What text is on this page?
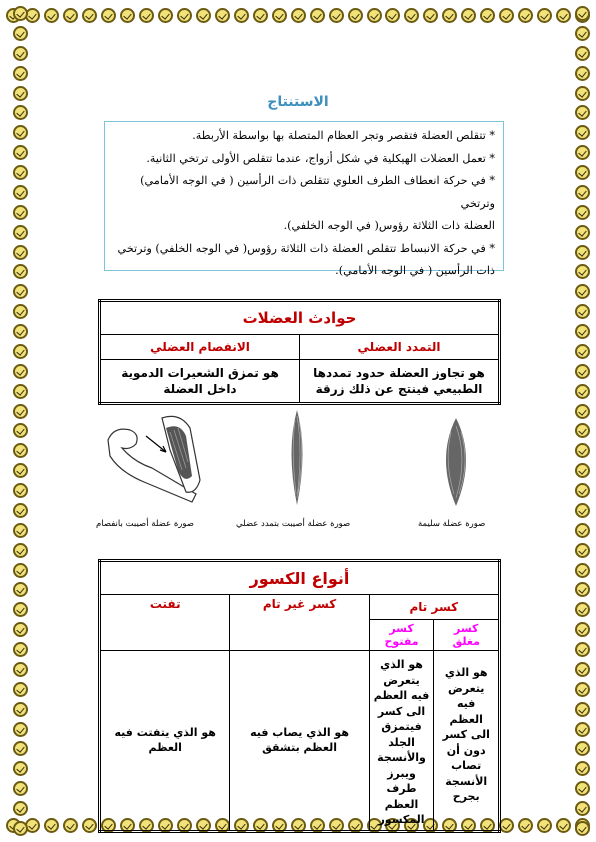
الاستنتاج

* تتقلص العضلة فتقصر وتجر العظام المتصلة بها بواسطة الأربطة.

* تعمل العضلات الهيكلية في شكل أزواج، عندما تتقلص الأولى ترتخي الثانية.

* في حركة انعطاف الطرف العلوي تتقلص ذات الرأسين ( في الوجه الأمامي) وترتخي

العضلة ذات الثلاثة رؤوس( في الوجه الخلفي).

* في حركة الانبساط تتقلص العضلة ذات الثلاثة رؤوس( في الوجه الخلفي) وترتخي

ذات الرأسين ( في الوجه الأمامي).

حوادث العضلات	
التمدد العضلي	الانفصام العضلي
هو تجاوز العضلة حدود تمددها الطبيعي فينتج عن ذلك زرقة	هو تمزق الشعيرات الدموية داخل العضلة
صورة عضلة أصيبت بانفصام	صورة عضلة أصيبت بتمدد عضلي	صورة عضلة سليمة
أنواع الكسور			
كسر تام		كسر غير تام	تفتت
كسر مغلق	كسر مفتوح		
هو الذي يتعرض فيه العظم الى كسر دون أن تصاب الأنسجة بجرح	هو الذي يتعرض فيه العظم الى كسر فيتمزق الجلد والأنسجة ويبرز طرف العظم المكسور	هو الذي يصاب فيه العظم بتشقق	هو الذي يتفتت فيه العظم
